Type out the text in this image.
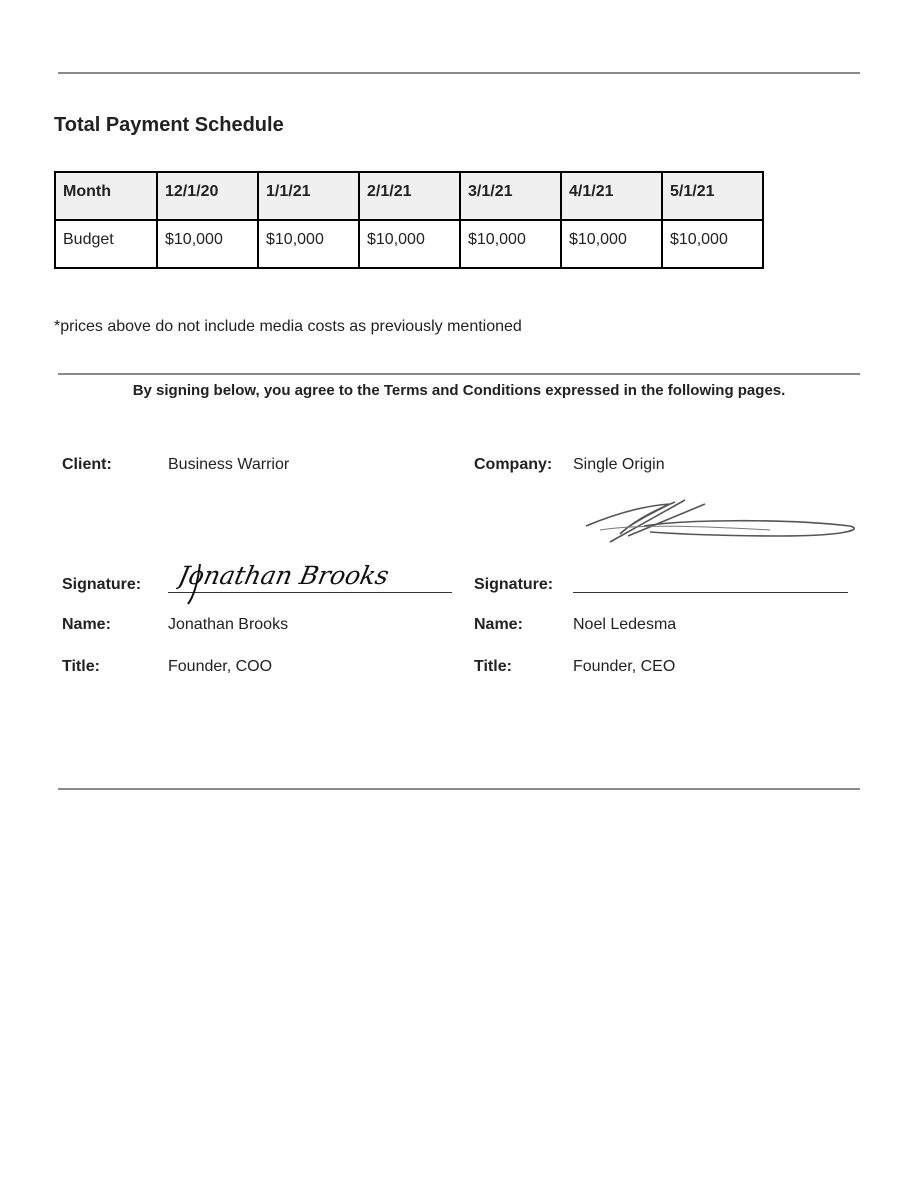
Total Payment Schedule
Month	12/1/20	1/1/21	2/1/21	3/1/21	4/1/21	5/1/21
Budget	$10,000	$10,000	$10,000	$10,000	$10,000	$10,000
*prices above do not include media costs as previously mentioned
By signing below, you agree to the Terms and Conditions expressed in the following pages.
Client:	Business Warrior
Signature: Jonathan Brooks
Name:	Jonathan Brooks
Title:	Founder, COO
Company: Single Origin
Signature:
Name:	Noel Ledesma
Title:	Founder, CEO
